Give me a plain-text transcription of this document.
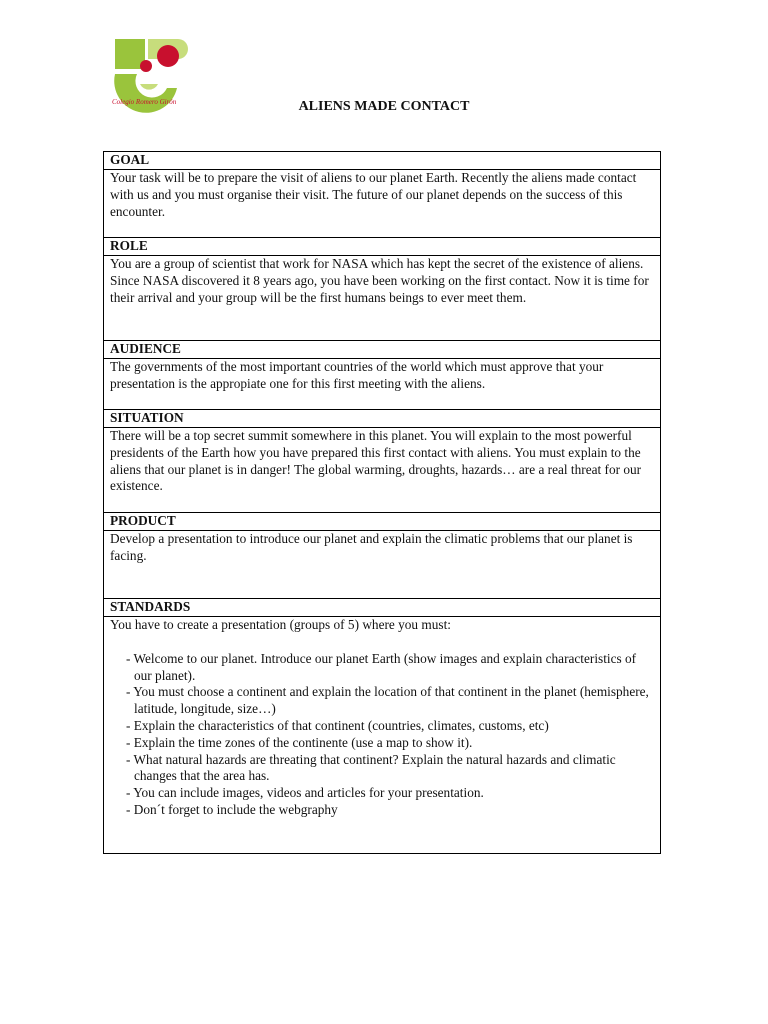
Colegio Romero Girón	ALIENS MADE CONTACT
GOAL
Your task will be to prepare the visit of aliens to our planet Earth. Recently the aliens made contact with us and you must organise their visit. The future of our planet depends on the success of this encounter.
ROLE
You are a group of scientist that work for NASA which has kept the secret of the existence of aliens. Since NASA discovered it 8 years ago, you have been working on the first contact. Now it is time for their arrival and your group will be the first humans beings to ever meet them.
AUDIENCE
The governments of the most important countries of the world which must approve that your presentation is the appropiate one for this first meeting with the aliens.
SITUATION
There will be a top secret summit somewhere in this planet. You will explain to the most powerful presidents of the Earth how you have prepared this first contact with aliens. You must explain to the aliens that our planet is in danger! The global warming, droughts, hazards… are a real threat for our existence.
PRODUCT
Develop a presentation to introduce our planet and explain the climatic problems that our planet is facing.
STANDARDS

You have to create a presentation (groups of 5) where you must:
- Welcome to our planet. Introduce our planet Earth (show images and explain characteristics of our planet).
- You must choose a continent and explain the location of that continent in the planet (hemisphere, latitude, longitude, size…)
- Explain the characteristics of that continent (countries, climates, customs, etc)
- Explain the time zones of the continente (use a map to show it).
- What natural hazards are threating that continent? Explain the natural hazards and climatic changes that the area has.
- You can include images, videos and articles for your presentation.
- Don´t forget to include the webgraphy
